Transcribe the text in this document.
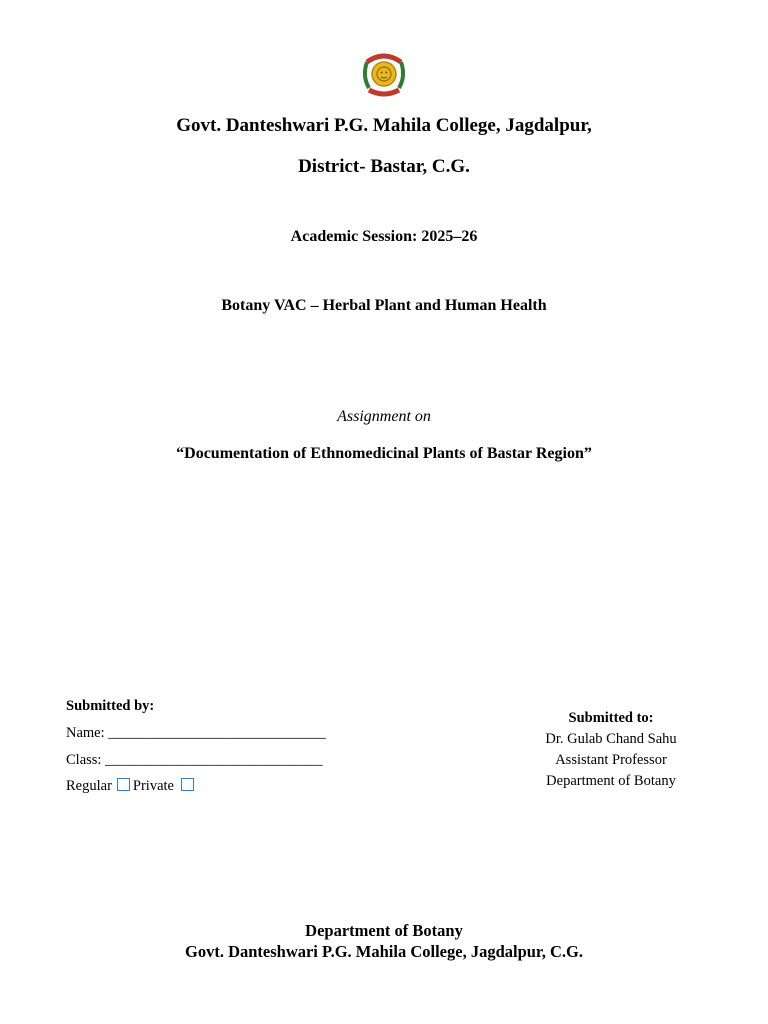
Govt. Danteshwari P.G. Mahila College, Jagdalpur,
District- Bastar, C.G.
Academic Session: 2025–26
Botany VAC – Herbal Plant and Human Health
Assignment on
“Documentation of Ethnomedicinal Plants of Bastar Region”
Submitted by:
Name: ______________________________
Class: ______________________________
Regular Private
Submitted to:
Dr. Gulab Chand Sahu
Assistant Professor
Department of Botany
Department of Botany
Govt. Danteshwari P.G. Mahila College, Jagdalpur, C.G.
